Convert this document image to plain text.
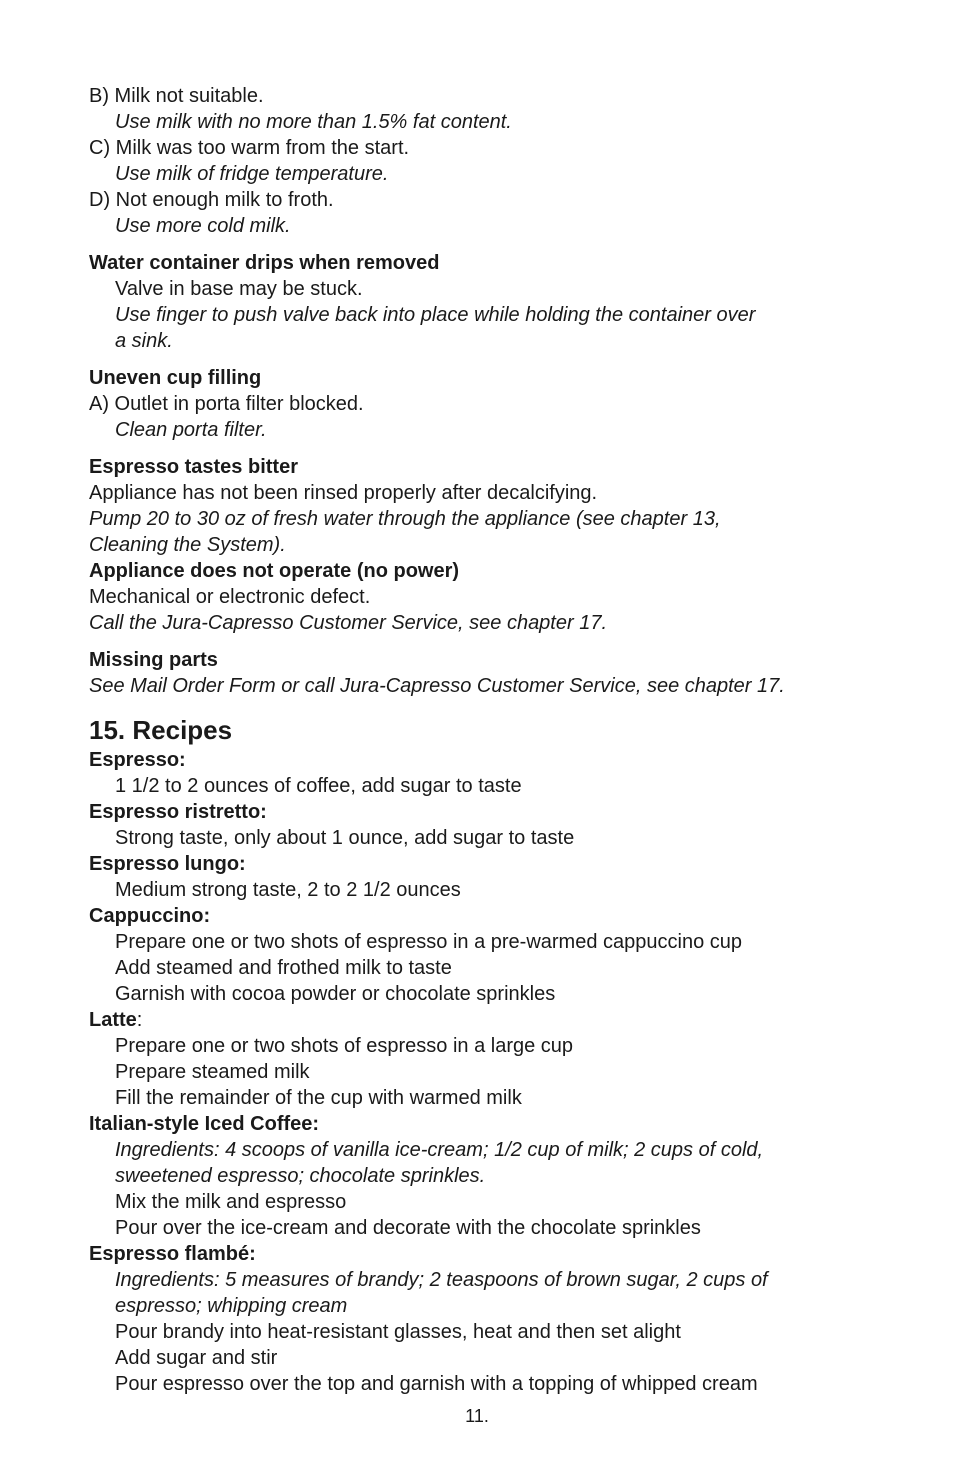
B) Milk not suitable.
Use milk with no more than 1.5% fat content.
C) Milk was too warm from the start.
Use milk of fridge temperature.
D) Not enough milk to froth.
Use more cold milk.
Water container drips when removed
Valve in base may be stuck.
Use finger to push valve back into place while holding the container over
a sink.
Uneven cup filling
A) Outlet in porta filter blocked.
Clean porta filter.
Espresso tastes bitter
Appliance has not been rinsed properly after decalcifying.
Pump 20 to 30 oz of fresh water through the appliance (see chapter 13,
Cleaning the System).
Appliance does not operate (no power)
Mechanical or electronic defect.
Call the Jura-Capresso Customer Service, see chapter 17.
Missing parts
See Mail Order Form or call Jura-Capresso Customer Service, see chapter 17.
15. Recipes
Espresso:
1 1/2 to 2 ounces of coffee, add sugar to taste
Espresso ristretto:
Strong taste, only about 1 ounce, add sugar to taste
Espresso lungo:
Medium strong taste, 2 to 2 1/2 ounces
Cappuccino:
Prepare one or two shots of espresso in a pre-warmed cappuccino cup
Add steamed and frothed milk to taste
Garnish with cocoa powder or chocolate sprinkles
Latte:
Prepare one or two shots of espresso in a large cup
Prepare steamed milk
Fill the remainder of the cup with warmed milk
Italian-style Iced Coffee:
Ingredients: 4 scoops of vanilla ice-cream; 1/2 cup of milk; 2 cups of cold,
sweetened espresso; chocolate sprinkles.
Mix the milk and espresso
Pour over the ice-cream and decorate with the chocolate sprinkles
Espresso flambé:
Ingredients: 5 measures of brandy; 2 teaspoons of brown sugar, 2 cups of
espresso; whipping cream
Pour brandy into heat-resistant glasses, heat and then set alight
Add sugar and stir
Pour espresso over the top and garnish with a topping of whipped cream
11.
